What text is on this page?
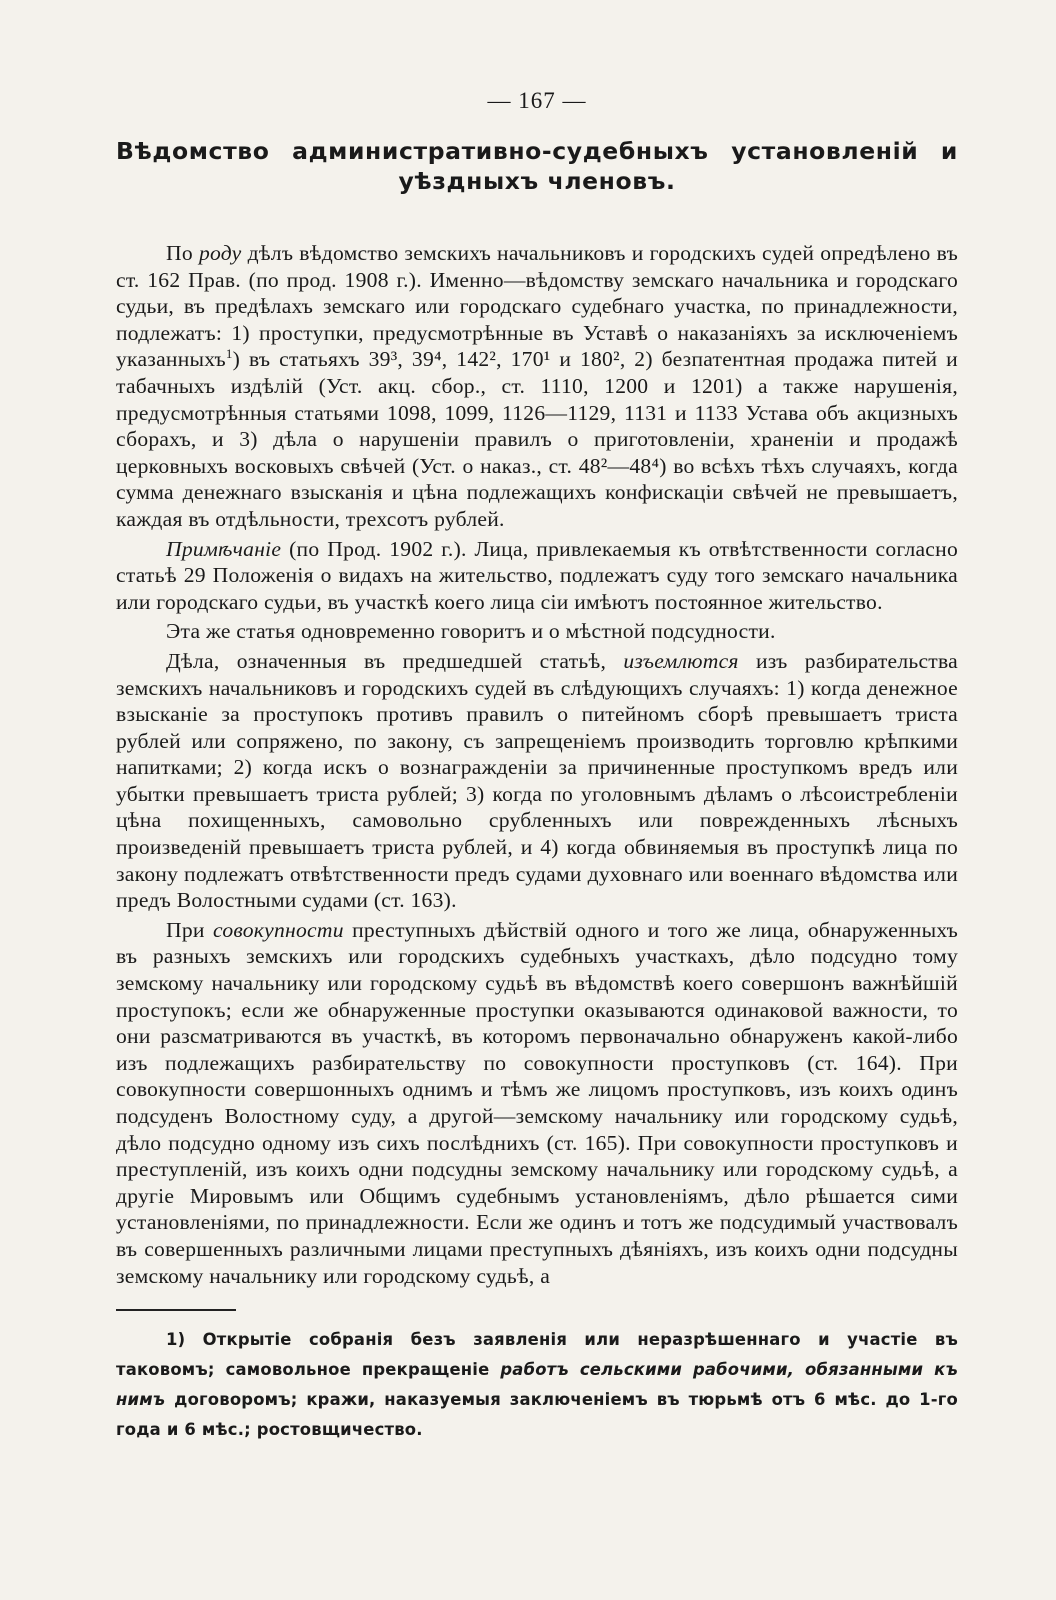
— 167 —
Вѣдомство административно-судебныхъ установленій и уѣздныхъ членовъ.

По роду дѣлъ вѣдомство земскихъ начальниковъ и городскихъ судей опредѣлено въ ст. 162 Прав. (по прод. 1908 г.). Именно—вѣдомству земскаго начальника и городскаго судьи, въ предѣлахъ земскаго или городскаго судебнаго участка, по принадлежности, подлежатъ: 1) проступки, предусмотрѣнные въ Уставѣ о наказаніяхъ за исключеніемъ указанныхъ$^1$) въ статьяхъ 39³, 39⁴, 142², 170¹ и 180², 2) безпатентная продажа питей и табачныхъ издѣлій (Уст. акц. сбор., ст. 1110, 1200 и 1201) а также нарушенія, предусмотрѣнныя статьями 1098, 1099, 1126—1129, 1131 и 1133 Устава объ акцизныхъ сборахъ, и 3) дѣла о нарушеніи правилъ о приготовленіи, храненіи и продажѣ церковныхъ восковыхъ свѣчей (Уст. о наказ., ст. 48²—48⁴) во всѣхъ тѣхъ случаяхъ, когда сумма денежнаго взысканія и цѣна подлежащихъ конфискаціи свѣчей не превышаетъ, каждая въ отдѣльности, трехсотъ рублей.

Примѣчаніе (по Прод. 1902 г.). Лица, привлекаемыя къ отвѣтственности согласно статьѣ 29 Положенія о видахъ на жительство, подлежатъ суду того земскаго начальника или городскаго судьи, въ участкѣ коего лица сіи имѣютъ постоянное жительство.

Эта же статья одновременно говоритъ и о мѣстной подсудности.

Дѣла, означенныя въ предшедшей статьѣ, изъемлются изъ разбирательства земскихъ начальниковъ и городскихъ судей въ слѣдующихъ случаяхъ: 1) когда денежное взысканіе за проступокъ противъ правилъ о питейномъ сборѣ превышаетъ триста рублей или сопряжено, по закону, съ запрещеніемъ производить торговлю крѣпкими напитками; 2) когда искъ о вознагражденіи за причиненные проступкомъ вредъ или убытки превышаетъ триста рублей; 3) когда по уголовнымъ дѣламъ о лѣсоистребленіи цѣна похищенныхъ, самовольно срубленныхъ или поврежденныхъ лѣсныхъ произведеній превышаетъ триста рублей, и 4) когда обвиняемыя въ проступкѣ лица по закону подлежатъ отвѣтственности предъ судами духовнаго или военнаго вѣдомства или предъ Волостными судами (ст. 163).

При совокупности преступныхъ дѣйствій одного и того же лица, обнаруженныхъ въ разныхъ земскихъ или городскихъ судебныхъ участкахъ, дѣло подсудно тому земскому начальнику или городскому судьѣ въ вѣдомствѣ коего совершонъ важнѣйшій проступокъ; если же обнаруженные проступки оказываются одинаковой важности, то они разсматриваются въ участкѣ, въ которомъ первоначально обнаруженъ какой-либо изъ подлежащихъ разбирательству по совокупности проступковъ (ст. 164). При совокупности совершонныхъ однимъ и тѣмъ же лицомъ проступковъ, изъ коихъ одинъ подсуденъ Волостному суду, а другой—земскому начальнику или городскому судьѣ, дѣло подсудно одному изъ сихъ послѣднихъ (ст. 165). При совокупности проступковъ и преступленій, изъ коихъ одни подсудны земскому начальнику или городскому судьѣ, а другіе Мировымъ или Общимъ судебнымъ установленіямъ, дѣло рѣшается сими установленіями, по принадлежности. Если же одинъ и тотъ же подсудимый участвовалъ въ совершенныхъ различными лицами преступныхъ дѣяніяхъ, изъ коихъ одни подсудны земскому начальнику или городскому судьѣ, а

1) Открытіе собранія безъ заявленія или неразрѣшеннаго и участіе въ таковомъ; самовольное прекращеніе работъ сельскими рабочими, обязанными къ нимъ договоромъ; кражи, наказуемыя заключеніемъ въ тюрьмѣ отъ 6 мѣс. до 1-го года и 6 мѣс.; ростовщичество.
